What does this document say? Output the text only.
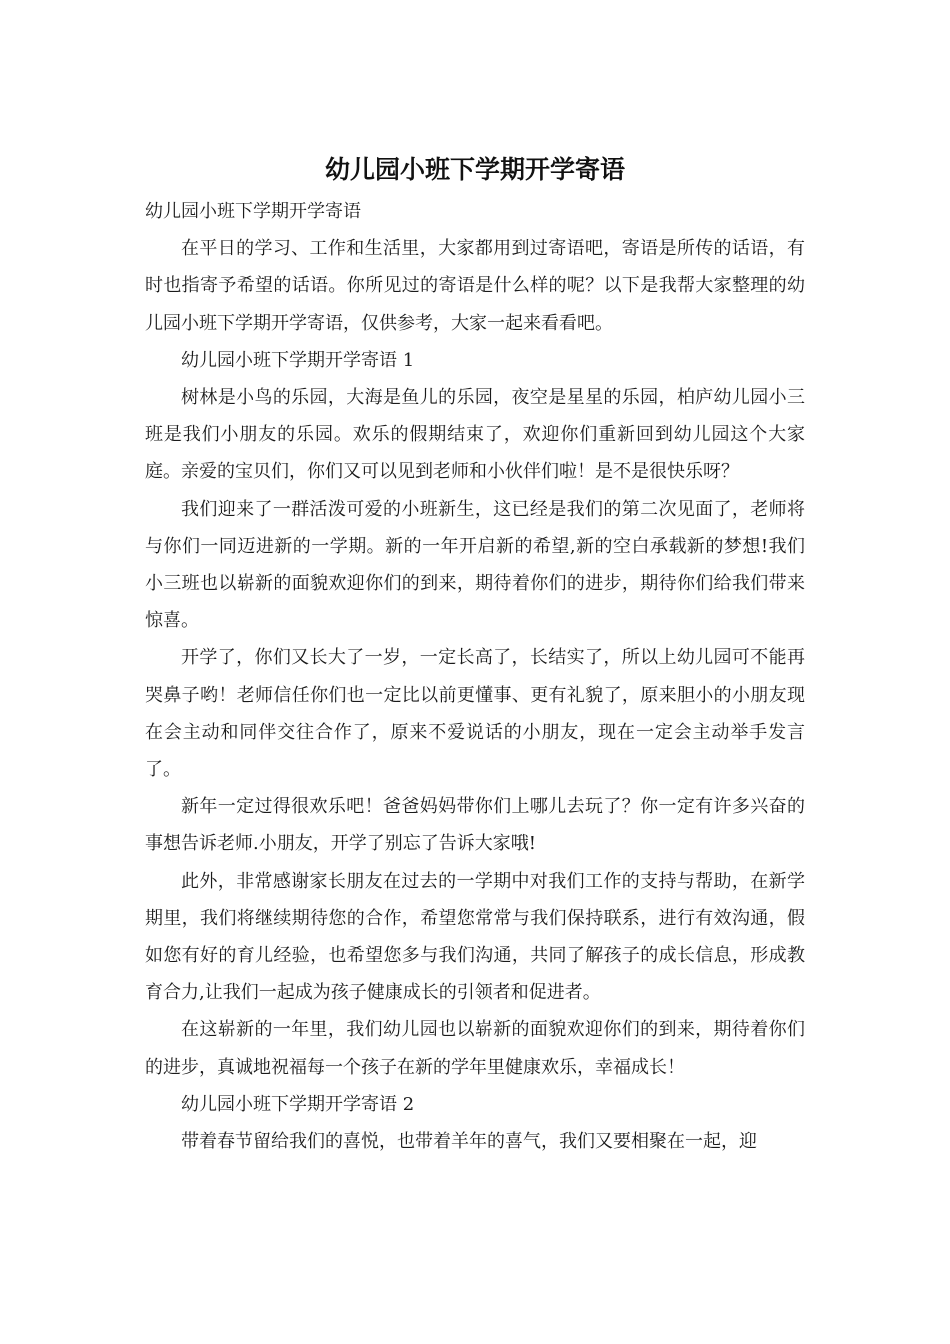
幼儿园小班下学期开学寄语

幼儿园小班下学期开学寄语

在平日的学习、工作和生活里，大家都用到过寄语吧，寄语是所传的话语，有时也指寄予希望的话语。你所见过的寄语是什么样的呢？以下是我帮大家整理的幼儿园小班下学期开学寄语，仅供参考，大家一起来看看吧。

幼儿园小班下学期开学寄语 1

树林是小鸟的乐园，大海是鱼儿的乐园，夜空是星星的乐园，柏庐幼儿园小三班是我们小朋友的乐园。欢乐的假期结束了，欢迎你们重新回到幼儿园这个大家庭。亲爱的宝贝们，你们又可以见到老师和小伙伴们啦！是不是很快乐呀？

我们迎来了一群活泼可爱的小班新生，这已经是我们的第二次见面了，老师将与你们一同迈进新的一学期。新的一年开启新的希望,新的空白承载新的梦想!我们小三班也以崭新的面貌欢迎你们的到来，期待着你们的进步，期待你们给我们带来惊喜。

开学了，你们又长大了一岁，一定长高了，长结实了，所以上幼儿园可不能再哭鼻子哟！老师信任你们也一定比以前更懂事、更有礼貌了，原来胆小的小朋友现在会主动和同伴交往合作了，原来不爱说话的小朋友，现在一定会主动举手发言了。

新年一定过得很欢乐吧！爸爸妈妈带你们上哪儿去玩了？你一定有许多兴奋的事想告诉老师.小朋友，开学了别忘了告诉大家哦!

此外，非常感谢家长朋友在过去的一学期中对我们工作的支持与帮助，在新学期里，我们将继续期待您的合作，希望您常常与我们保持联系，进行有效沟通，假如您有好的育儿经验，也希望您多与我们沟通，共同了解孩子的成长信息，形成教育合力,让我们一起成为孩子健康成长的引领者和促进者。

在这崭新的一年里，我们幼儿园也以崭新的面貌欢迎你们的到来，期待着你们的进步，真诚地祝福每一个孩子在新的学年里健康欢乐，幸福成长！

幼儿园小班下学期开学寄语 2

带着春节留给我们的喜悦，也带着羊年的喜气，我们又要相聚在一起，迎
